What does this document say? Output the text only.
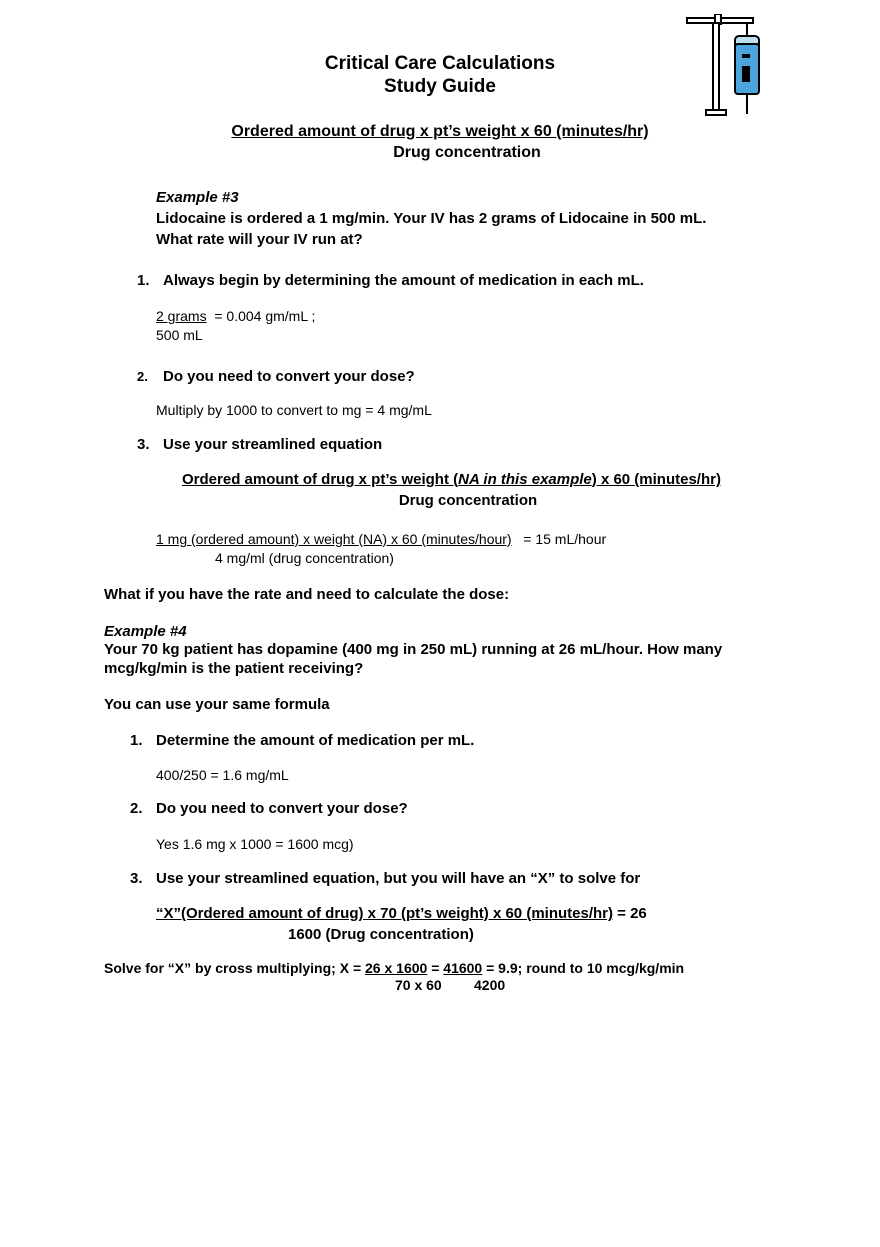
Critical Care Calculations
Study Guide
Ordered amount of drug x pt’s weight x 60 (minutes/hr)
Drug concentration
Example #3
Lidocaine is ordered a 1 mg/min. Your IV has 2 grams of Lidocaine in 500 mL.
What rate will your IV run at?
1. Always begin by determining the amount of medication in each mL.
2 grams = 0.004 gm/mL ;
500 mL
2. Do you need to convert your dose?
Multiply by 1000 to convert to mg = 4 mg/mL
3. Use your streamlined equation
Ordered amount of drug x pt’s weight (NA in this example) x 60 (minutes/hr)
Drug concentration
1 mg (ordered amount) x weight (NA) x 60 (minutes/hour) = 15 mL/hour
4 mg/ml (drug concentration)
What if you have the rate and need to calculate the dose:
Example #4
Your 70 kg patient has dopamine (400 mg in 250 mL) running at 26 mL/hour. How many
mcg/kg/min is the patient receiving?
You can use your same formula
1. Determine the amount of medication per mL.
400/250 = 1.6 mg/mL
2. Do you need to convert your dose?
Yes 1.6 mg x 1000 = 1600 mcg)
3. Use your streamlined equation, but you will have an “X” to solve for
“X”(Ordered amount of drug) x 70 (pt’s weight) x 60 (minutes/hr) = 26
1600 (Drug concentration)
Solve for “X” by cross multiplying; X = 26 x 1600 = 41600 = 9.9; round to 10 mcg/kg/min
70 x 60 4200
